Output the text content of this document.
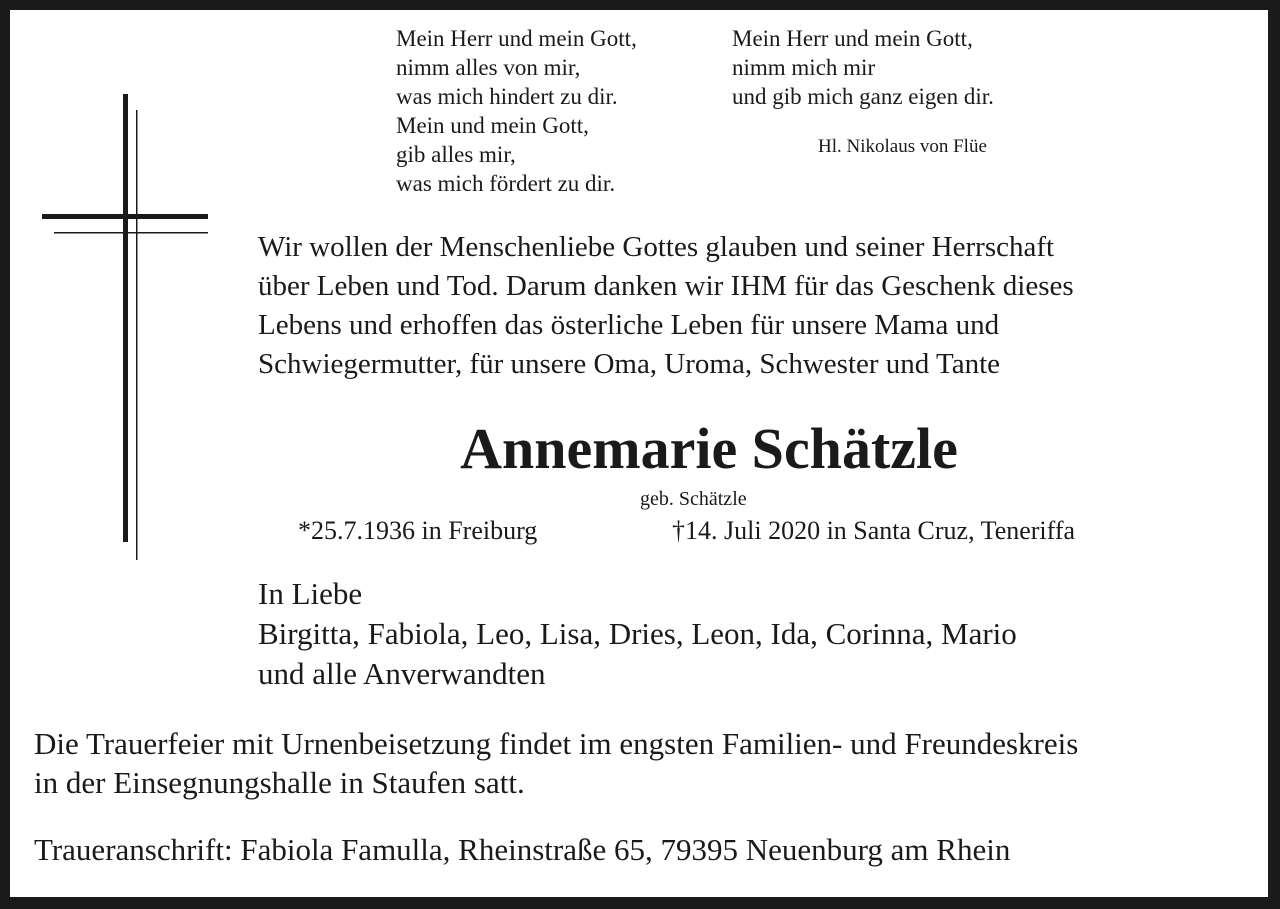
Mein Herr und mein Gott,
nimm alles von mir,
was mich hindert zu dir.
Mein und mein Gott,
gib alles mir,
was mich fördert zu dir.
Mein Herr und mein Gott,
nimm mich mir
und gib mich ganz eigen dir.
Hl. Nikolaus von Flüe
Wir wollen der Menschenliebe Gottes glauben und seiner Herrschaft
über Leben und Tod. Darum danken wir IHM für das Geschenk dieses
Lebens und erhoffen das österliche Leben für unsere Mama und
Schwiegermutter, für unsere Oma, Uroma, Schwester und Tante
Annemarie Schätzle
geb. Schätzle
*25.7.1936 in Freiburg	†14. Juli 2020 in Santa Cruz, Teneriffa
In Liebe
Birgitta, Fabiola, Leo, Lisa, Dries, Leon, Ida, Corinna, Mario
und alle Anverwandten
Die Trauerfeier mit Urnenbeisetzung findet im engsten Familien- und Freundeskreis
in der Einsegnungshalle in Staufen satt.
Traueranschrift: Fabiola Famulla, Rheinstraße 65, 79395 Neuenburg am Rhein
